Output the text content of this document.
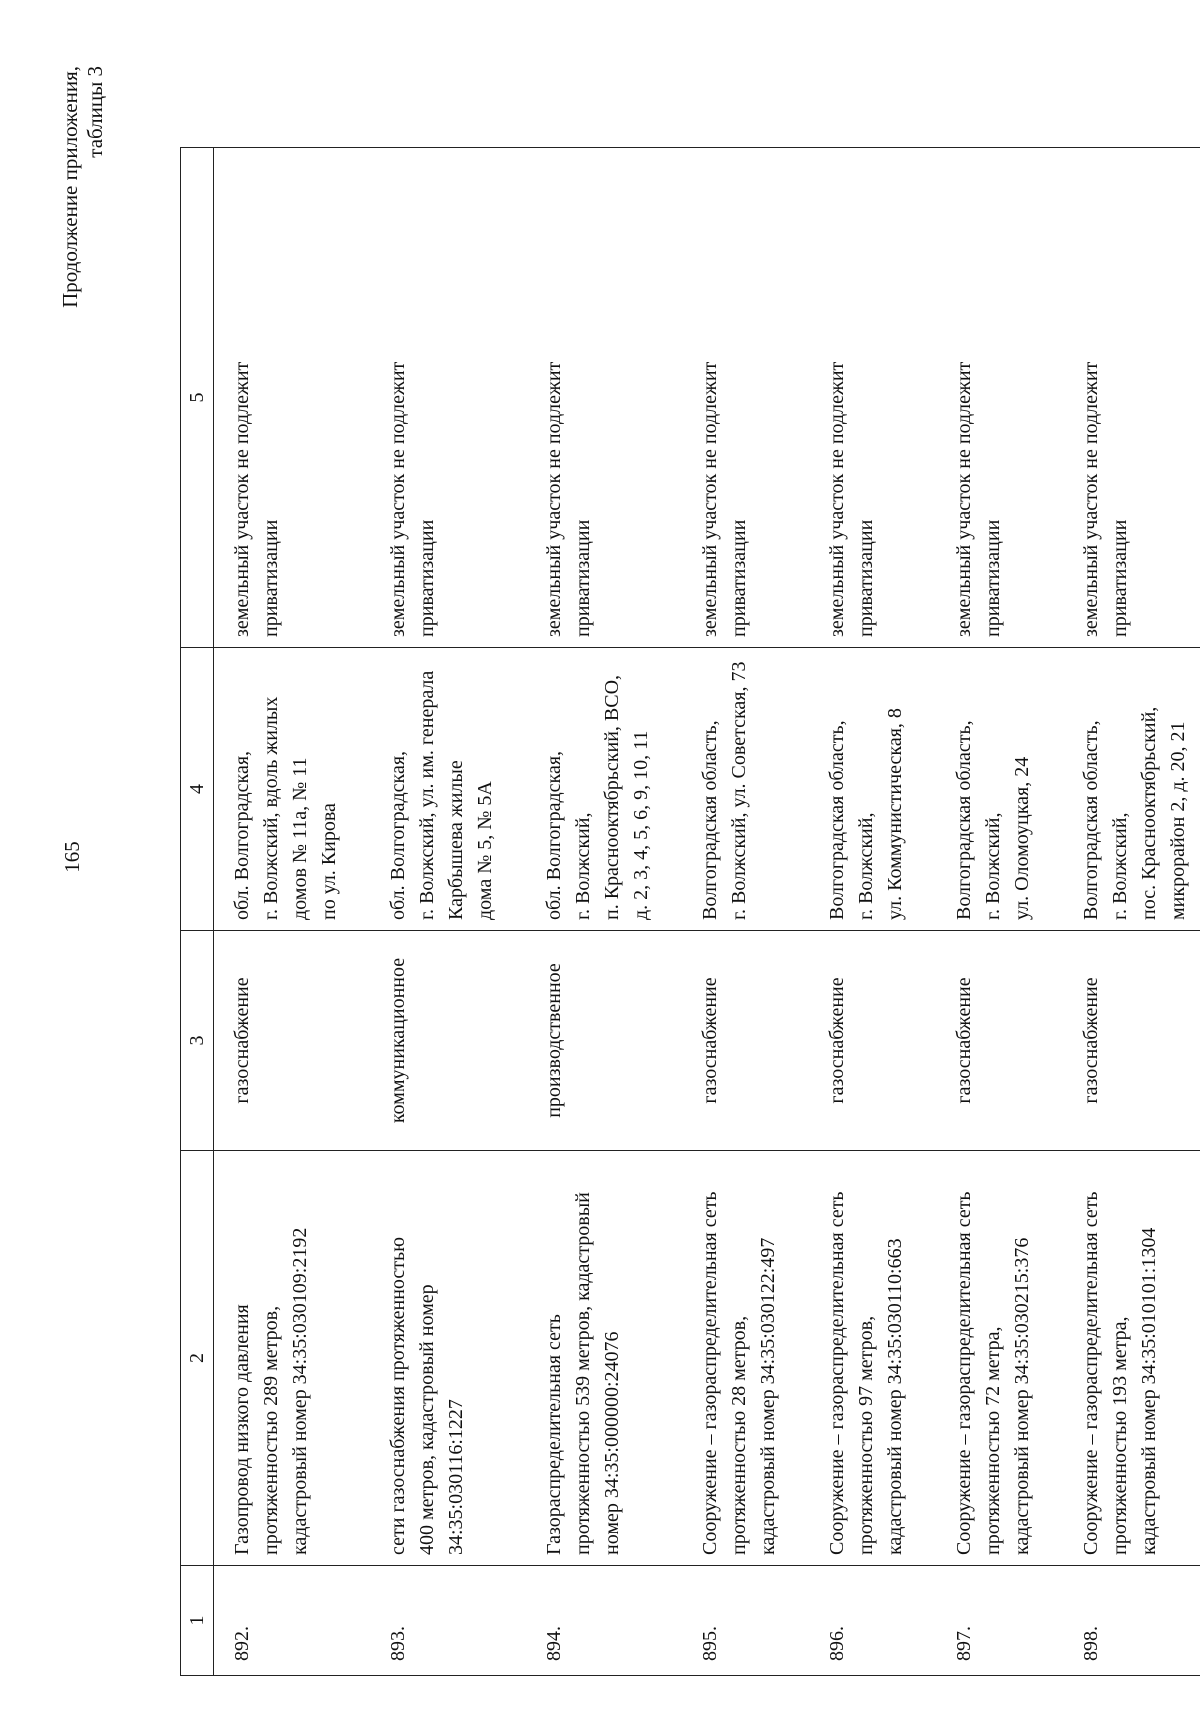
165
Продолжение приложения, таблицы 3
1	2	3	4	5
892.	Газопровод низкого давления
протяженностью 289 метров,
кадастровый номер 34:35:030109:2192	газоснабжение	обл. Волгоградская,
г. Волжский, вдоль жилых
домов № 11а, № 11
по ул. Кирова	земельный участок не подлежит
приватизации
893.	сети газоснабжения протяженностью
400 метров, кадастровый номер
34:35:030116:1227	коммуникационное	обл. Волгоградская,
г. Волжский, ул. им. генерала
Карбышева жилые
дома № 5, № 5А	земельный участок не подлежит
приватизации
894.	Газораспределительная сеть
протяженностью 539 метров, кадастровый
номер 34:35:000000:24076	производственное	обл. Волгоградская,
г. Волжский,
п. Краснооктябрьский, ВСО,
д. 2, 3, 4, 5, 6, 9, 10, 11	земельный участок не подлежит
приватизации
895.	Сооружение – газораспределительная сеть
протяженностью 28 метров,
кадастровый номер 34:35:030122:497	газоснабжение	Волгоградская область,
г. Волжский, ул. Советская, 73	земельный участок не подлежит
приватизации
896.	Сооружение – газораспределительная сеть
протяженностью 97 метров,
кадастровый номер 34:35:030110:663	газоснабжение	Волгоградская область,
г. Волжский,
ул. Коммунистическая, 8	земельный участок не подлежит
приватизации
897.	Сооружение – газораспределительная сеть
протяженностью 72 метра,
кадастровый номер 34:35:030215:376	газоснабжение	Волгоградская область,
г. Волжский,
ул. Оломоуцкая, 24	земельный участок не подлежит
приватизации
898.	Сооружение – газораспределительная сеть
протяженностью 193 метра,
кадастровый номер 34:35:010101:1304	газоснабжение	Волгоградская область,
г. Волжский,
пос. Краснооктябрьский,
микрорайон 2, д. 20, 21	земельный участок не подлежит
приватизации
